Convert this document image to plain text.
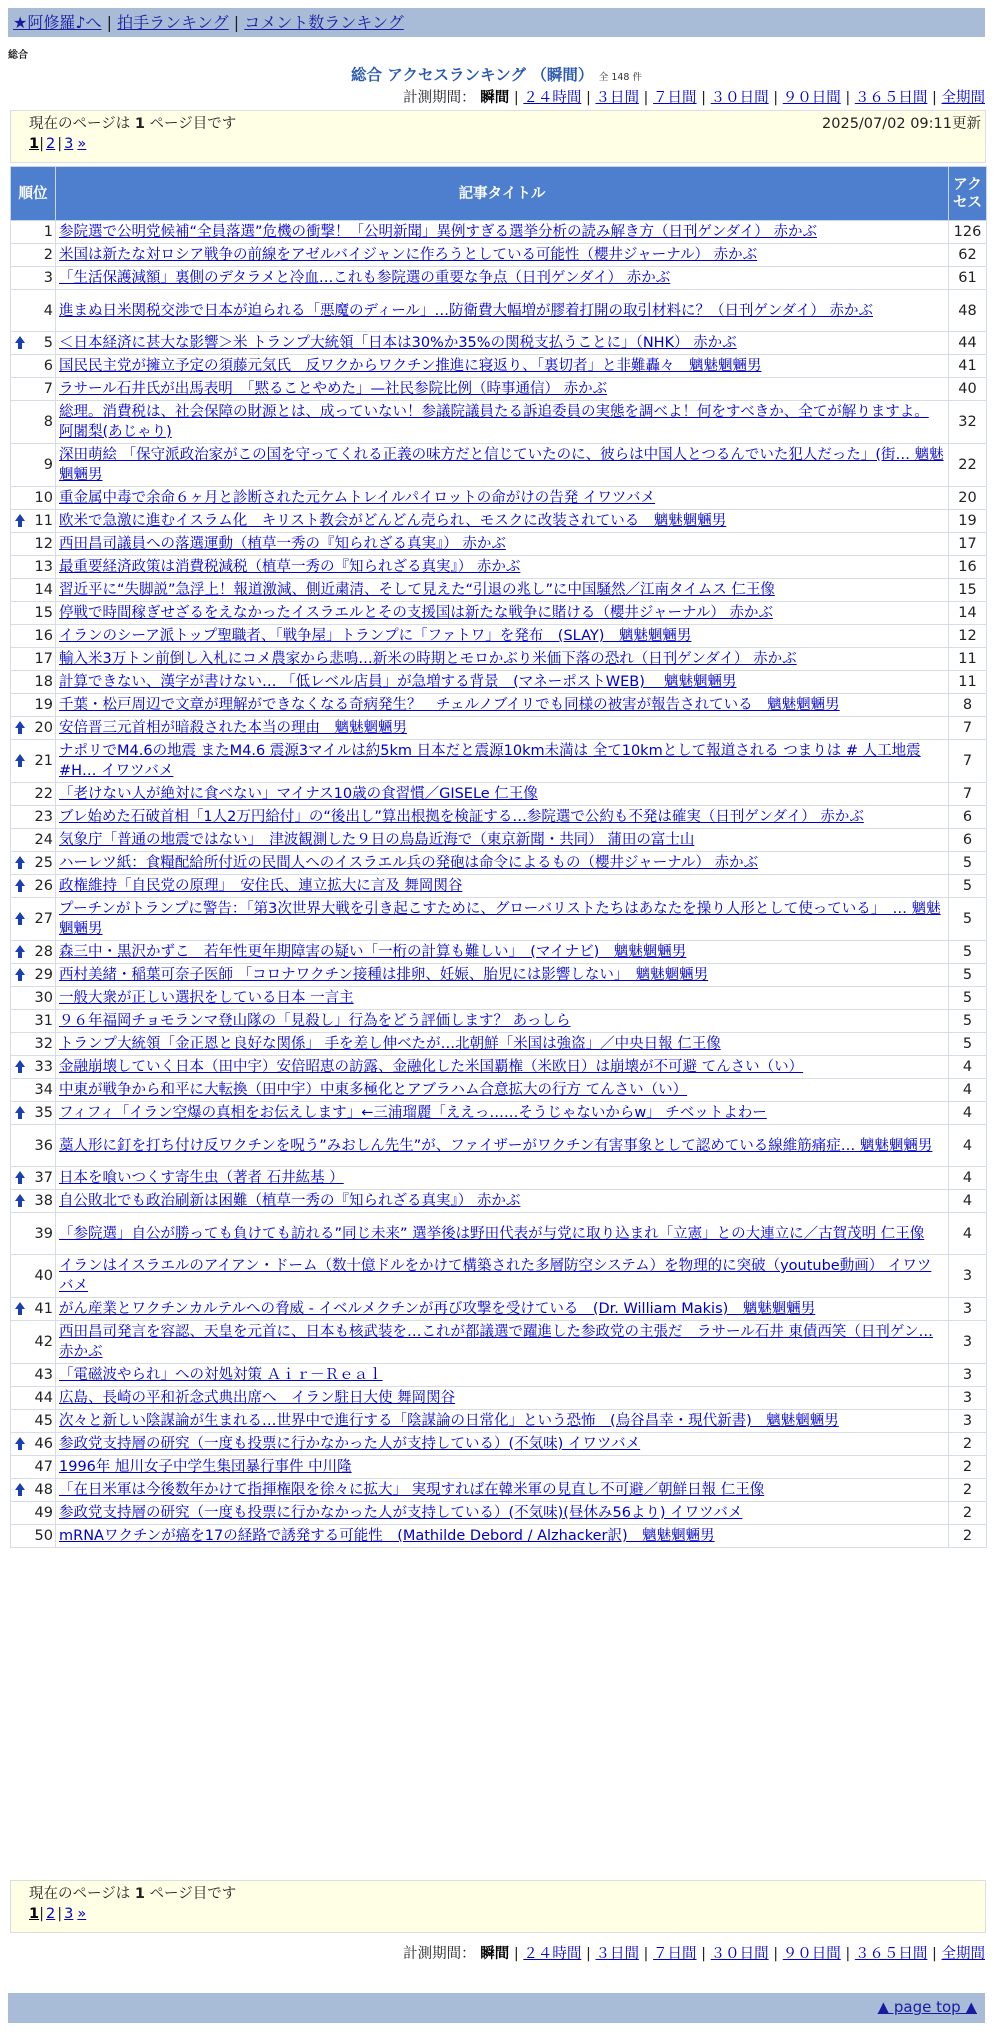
★阿修羅♪へ | 拍手ランキング | コメント数ランキング
総合
総合 アクセスランキング （瞬間） 全 148 件
計測期間： 瞬間 | ２４時間 | ３日間 | ７日間 | ３０日間 | ９０日間 | ３６５日間 | 全期間
現在のページは 1 ページ目です	2025/07/02 09:11更新
1| 2 | 3 »
順位	記事タイトル	アクセス
1	参院選で公明党候補“全員落選”危機の衝撃！「公明新聞」異例すぎる選挙分析の読み解き方（日刊ゲンダイ） 赤かぶ	126
2	米国は新たな対ロシア戦争の前線をアゼルバイジャンに作ろうとしている可能性（櫻井ジャーナル） 赤かぶ	62
3	「生活保護減額」裏側のデタラメと冷血…これも参院選の重要な争点（日刊ゲンダイ） 赤かぶ	61
4	進まぬ日米関税交渉で日本が迫られる「悪魔のディール」…防衛費大幅増が膠着打開の取引材料に？（日刊ゲンダイ） 赤かぶ	48

5	＜日本経済に甚大な影響＞米 トランプ大統領「日本は30%か35%の関税支払うことに」（NHK） 赤かぶ	44
6	国民民主党が擁立予定の須藤元気氏　反ワクからワクチン推進に寝返り、「裏切者」と非難轟々　魑魅魍魎男	41
7	ラサール石井氏が出馬表明　「黙ることやめた」—社民参院比例（時事通信） 赤かぶ	40
8	総理。消費税は、社会保障の財源とは、成っていない！参議院議員たる訴追委員の実態を調べよ！何をすべきか、全てが解りますよ。 阿闍梨(あじゃり)	32
9	深田萌絵 「保守派政治家がこの国を守ってくれる正義の味方だと信じていたのに、彼らは中国人とつるんでいた犯人だった」(街… 魑魅魍魎男	22
10	重金属中毒で余命６ヶ月と診断された元ケムトレイルパイロットの命がけの告発 イワツバメ	20

11	欧米で急激に進むイスラム化　キリスト教会がどんどん売られ、モスクに改装されている　魑魅魍魎男	19
12	西田昌司議員への落選運動（植草一秀の『知られざる真実』） 赤かぶ	17
13	最重要経済政策は消費税減税（植草一秀の『知られざる真実』） 赤かぶ	16
14	習近平に“失脚説”急浮上！報道激減、側近粛清、そして見えた“引退の兆し”に中国騒然／江南タイムス 仁王像	15
15	停戦で時間稼ぎせざるをえなかったイスラエルとその支援国は新たな戦争に賭ける（櫻井ジャーナル） 赤かぶ	14
16	イランのシーア派トップ聖職者、「戦争屋」トランプに「ファトワ」を発布　(SLAY)　魑魅魍魎男	12
17	輸入米3万トン前倒し入札にコメ農家から悲鳴…新米の時期とモロかぶり米価下落の恐れ（日刊ゲンダイ） 赤かぶ	11
18	計算できない、漢字が書けない… 「低レベル店員」が急増する背景　(マネーポストWEB)　 魑魅魍魎男	11
19	千葉・松戸周辺で文章が理解ができなくなる奇病発生？　チェルノブイリでも同様の被害が報告されている　魑魅魍魎男	8

20	安倍晋三元首相が暗殺された本当の理由　魑魅魍魎男	7

21	ナポリでM4.6の地震 またM4.6 震源3マイルは約5km 日本だと震源10km未満は 全て10kmとして報道される つまりは # 人工地震 #H… イワツバメ	7
22	「老けない人が絶対に食べない」マイナス10歳の食習慣／GISELe 仁王像	7
23	ブレ始めた石破首相「1人2万円給付」の“後出し”算出根拠を検証する…参院選で公約も不発は確実（日刊ゲンダイ） 赤かぶ	6
24	気象庁「普通の地震ではない」　津波観測した９日の鳥島近海で（東京新聞・共同） 蒲田の富士山	6

25	ハーレツ紙：食糧配給所付近の民間人へのイスラエル兵の発砲は命令によるもの（櫻井ジャーナル） 赤かぶ	5

26	政権維持「自民党の原理」　安住氏、連立拡大に言及 舞岡関谷	5

27	プーチンがトランプに警告：「第3次世界大戦を引き起こすために、グローバリストたちはあなたを操り人形として使っている」　… 魑魅魍魎男	5

28	森三中・黒沢かずこ　若年性更年期障害の疑い「一桁の計算も難しい」　(マイナビ)　魑魅魍魎男	5

29	西村美緒・稲葉可奈子医師 「コロナワクチン接種は排卵、妊娠、胎児には影響しない」　魑魅魍魎男	5
30	一般大衆が正しい選択をしている日本 一言主	5
31	９６年福岡チョモランマ登山隊の「見殺し」行為をどう評価します？ あっしら	5
32	トランプ大統領「金正恩と良好な関係」 手を差し伸べたが…北朝鮮「米国は強盗」／中央日報 仁王像	5

33	金融崩壊していく日本（田中宇）安倍昭恵の訪露、金融化した米国覇権（米欧日）は崩壊が不可避 てんさい（い）	4
34	中東が戦争から和平に大転換（田中宇）中東多極化とアブラハム合意拡大の行方 てんさい（い）	4

35	フィフィ「イラン空爆の真相をお伝えします」←三浦瑠麗「ええっ……そうじゃないからw」 チベットよわー	4
36	藁人形に釘を打ち付け反ワクチンを呪う”みおしん先生”が、ファイザーがワクチン有害事象として認めている線維筋痛症… 魑魅魍魎男	4

37	日本を喰いつくす寄生虫（著者 石井紘基 ）	4

38	自公敗北でも政治刷新は困難（植草一秀の『知られざる真実』） 赤かぶ	4
39	「参院選」自公が勝っても負けても訪れる”同じ未来” 選挙後は野田代表が与党に取り込まれ「立憲」との大連立に／古賀茂明 仁王像	4
40	イランはイスラエルのアイアン・ドーム（数十億ドルをかけて構築された多層防空システム）を物理的に突破（youtube動画） イワツバメ	3

41	がん産業とワクチンカルテルへの脅威 - イベルメクチンが再び攻撃を受けている　(Dr. William Makis)　魑魅魍魎男	3
42	西田昌司発言を容認、天皇を元首に、日本も核武装を…これが都議選で躍進した参政党の主張だ　ラサール石井 東債西笑（日刊ゲン… 赤かぶ	3
43	「電磁波やられ」への対処対策 Ａｉｒ－Ｒｅａｌ	3
44	広島、長崎の平和祈念式典出席へ　イラン駐日大使 舞岡関谷	3
45	次々と新しい陰謀論が生まれる…世界中で進行する「陰謀論の日常化」という恐怖　(烏谷昌幸・現代新書)　魑魅魍魎男	3

46	参政党支持層の研究（一度も投票に行かなかった人が支持している）(不気味) イワツバメ	2
47	1996年 旭川女子中学生集団暴行事件 中川隆	2

48	「在日米軍は今後数年かけて指揮権限を徐々に拡大」 実現すれば在韓米軍の見直し不可避／朝鮮日報 仁王像	2
49	参政党支持層の研究（一度も投票に行かなかった人が支持している）(不気味)(昼休み56より) イワツバメ	2
50	mRNAワクチンが癌を17の経路で誘発する可能性　(Mathilde Debord / Alzhacker訳)　魑魅魍魎男	2
現在のページは 1 ページ目です
1| 2 | 3 »
計測期間： 瞬間 | ２４時間 | ３日間 | ７日間 | ３０日間 | ９０日間 | ３６５日間 | 全期間
▲ page top ▲
